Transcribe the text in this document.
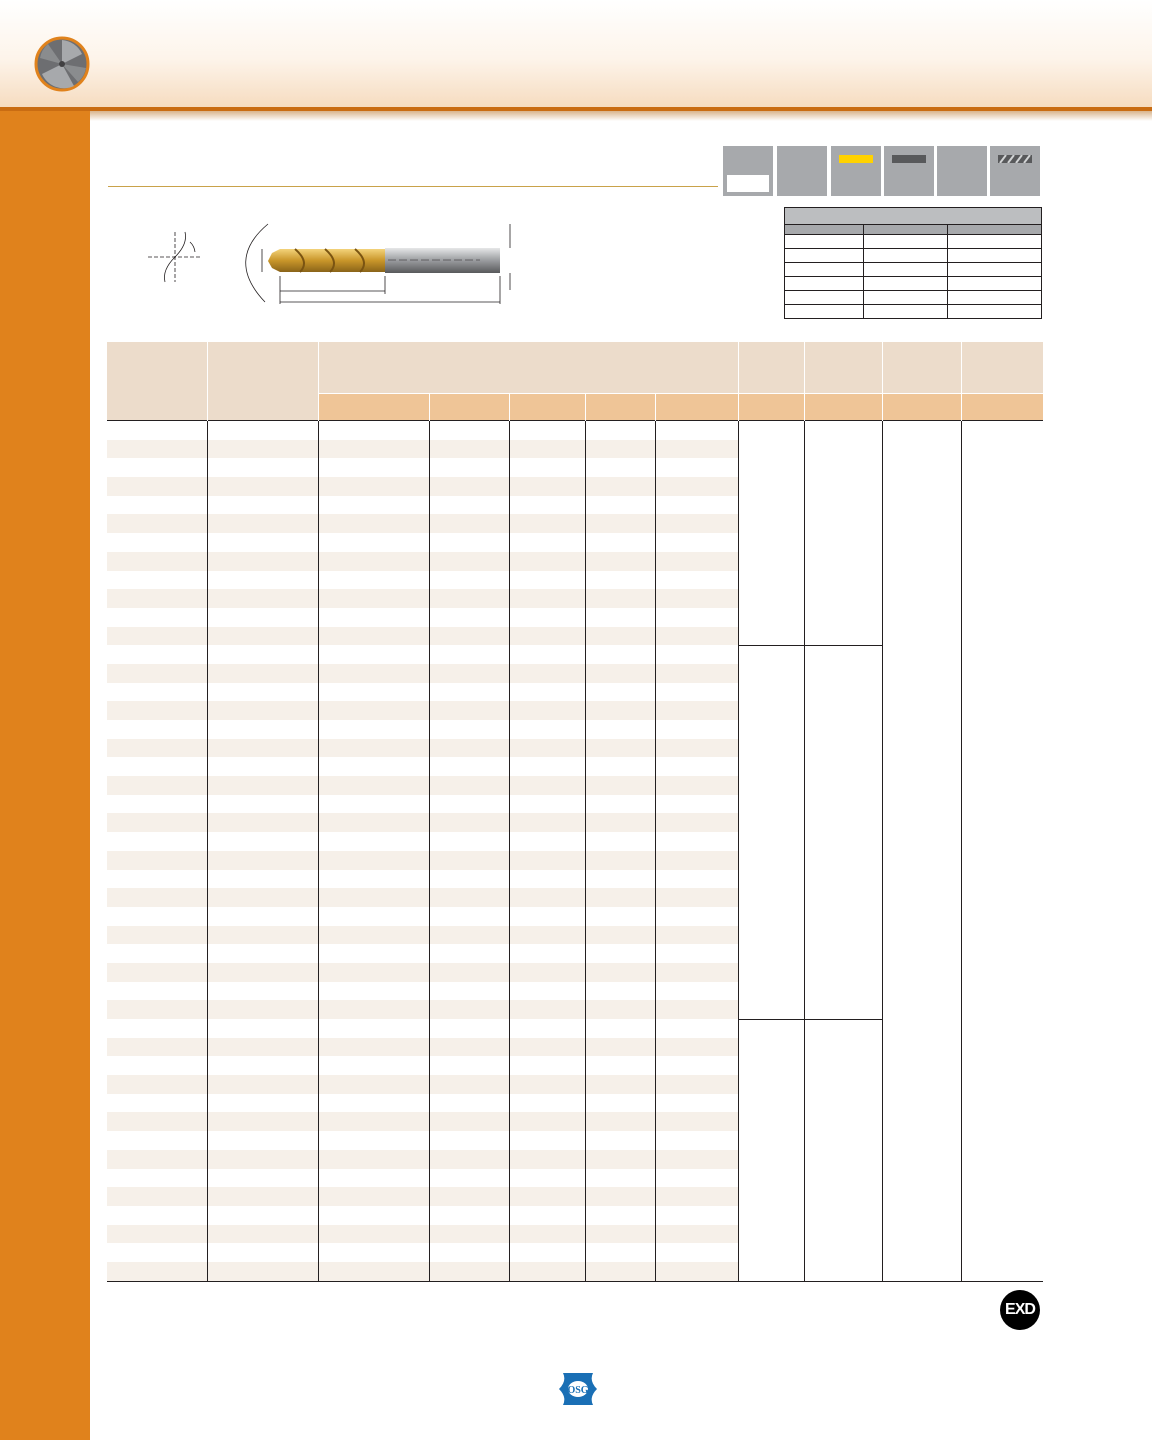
EXD
OSG
